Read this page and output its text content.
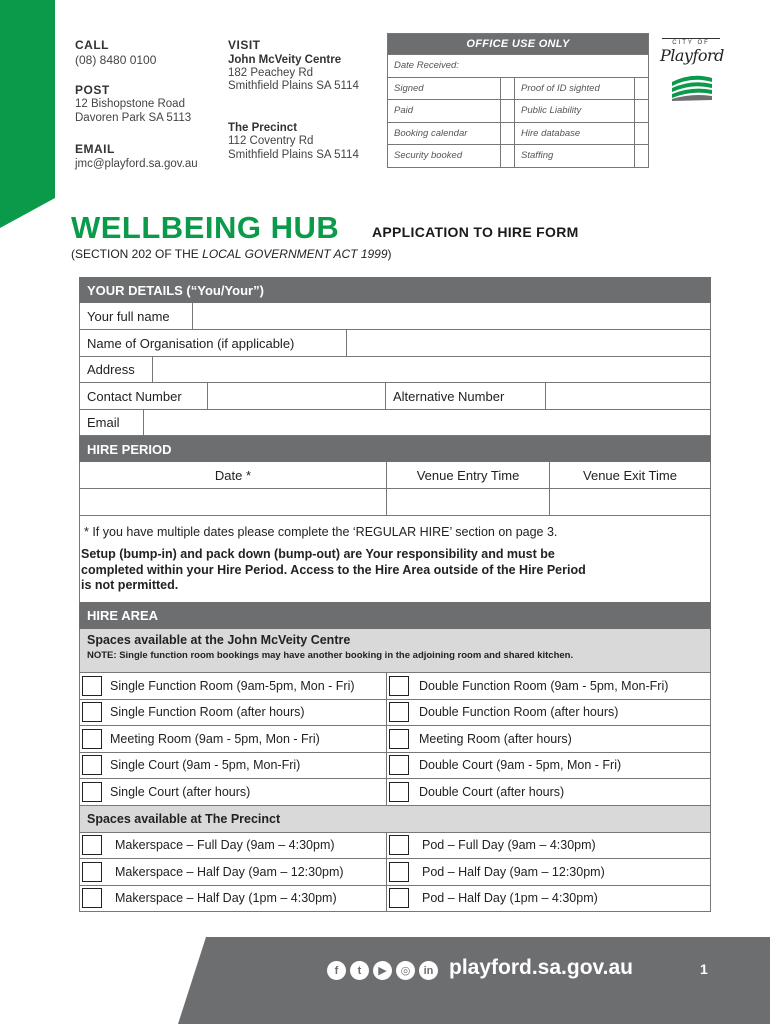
CALL
(08) 8480 0100
POST
12 Bishopstone Road
Davoren Park SA 5113
EMAIL
jmc@playford.sa.gov.au
VISIT
John McVeity Centre
182 Peachey Rd
Smithfield Plains SA 5114
The Precinct
112 Coventry Rd
Smithfield Plains SA 5114
OFFICE USE ONLY			
Date Received:			
Signed		Proof of ID sighted	
Paid		Public Liability	
Booking calendar		Hire database	
Security booked		Staffing	
CITY OF
Playford
WELLBEING HUB APPLICATION TO HIRE FORM
(SECTION 202 OF THE LOCAL GOVERNMENT ACT 1999)
YOUR DETAILS (“You/Your”)
Your full name
Name of Organisation (if applicable)
Address
Contact Number	Alternative Number
Email
HIRE PERIOD
Date *	Venue Entry Time	Venue Exit Time
* If you have multiple dates please complete the ‘REGULAR HIRE’ section on page 3.
Setup (bump-in) and pack down (bump-out) are Your responsibility and must be
completed within your Hire Period. Access to the Hire Area outside of the Hire Period
is not permitted.
HIRE AREA
Spaces available at the John McVeity Centre
NOTE: Single function room bookings may have another booking in the adjoining room and shared kitchen.
Single Function Room (9am-5pm, Mon - Fri)	Double Function Room (9am - 5pm, Mon-Fri)
Single Function Room (after hours)	Double Function Room (after hours)
Meeting Room (9am - 5pm, Mon - Fri)	Meeting Room (after hours)
Single Court (9am - 5pm, Mon-Fri)	Double Court (9am - 5pm, Mon - Fri)
Single Court (after hours)	Double Court (after hours)
Spaces available at The Precinct
Makerspace – Full Day (9am – 4:30pm)	Pod – Full Day (9am – 4:30pm)
Makerspace – Half Day (9am – 12:30pm)	Pod – Half Day (9am – 12:30pm)
Makerspace – Half Day (1pm – 4:30pm)	Pod – Half Day (1pm – 4:30pm)
f	t	▶	◎	in playford.sa.gov.au	1
